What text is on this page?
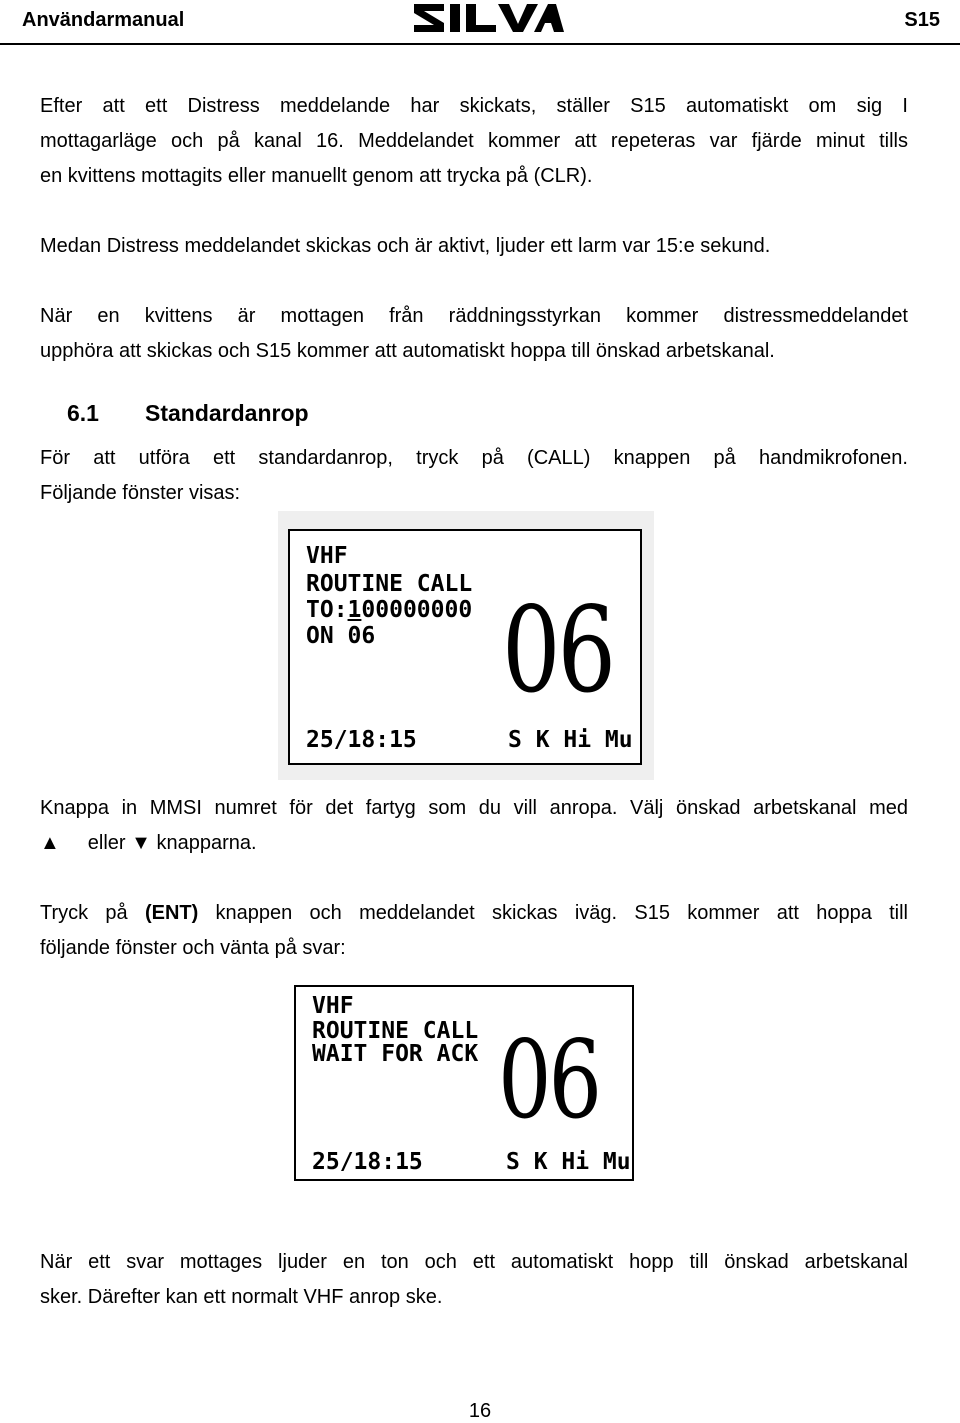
Användarmanual	S15
Efter att ett Distress meddelande har skickats, ställer S15 automatiskt om sig I
mottagarläge och på kanal 16. Meddelandet kommer att repeteras var fjärde minut tills
en kvittens mottagits eller manuellt genom att trycka på (CLR).
Medan Distress meddelandet skickas och är aktivt, ljuder ett larm var 15:e sekund.
När en kvittens är mottagen från räddningsstyrkan kommer distressmeddelandet
upphöra att skickas och S15 kommer att automatiskt hoppa till önskad arbetskanal.
6.1 Standardanrop
För att utföra ett standardanrop, tryck på (CALL) knappen på handmikrofonen.
Följande fönster visas:
VHF
ROUTINE CALL
TO:100000000
ON 06 06
25/18:15	S K Hi Mu
Knappa in MMSI numret för det fartyg som du vill anropa. Välj önskad arbetskanal med
▲ eller ▼ knapparna.
Tryck på (ENT) knappen och meddelandet skickas iväg. S15 kommer att hoppa till
följande fönster och vänta på svar:
VHF
ROUTINE CALL
WAIT FOR ACK 06
25/18:15	S K Hi Mu
När ett svar mottages ljuder en ton och ett automatiskt hopp till önskad arbetskanal
sker. Därefter kan ett normalt VHF anrop ske.
16
